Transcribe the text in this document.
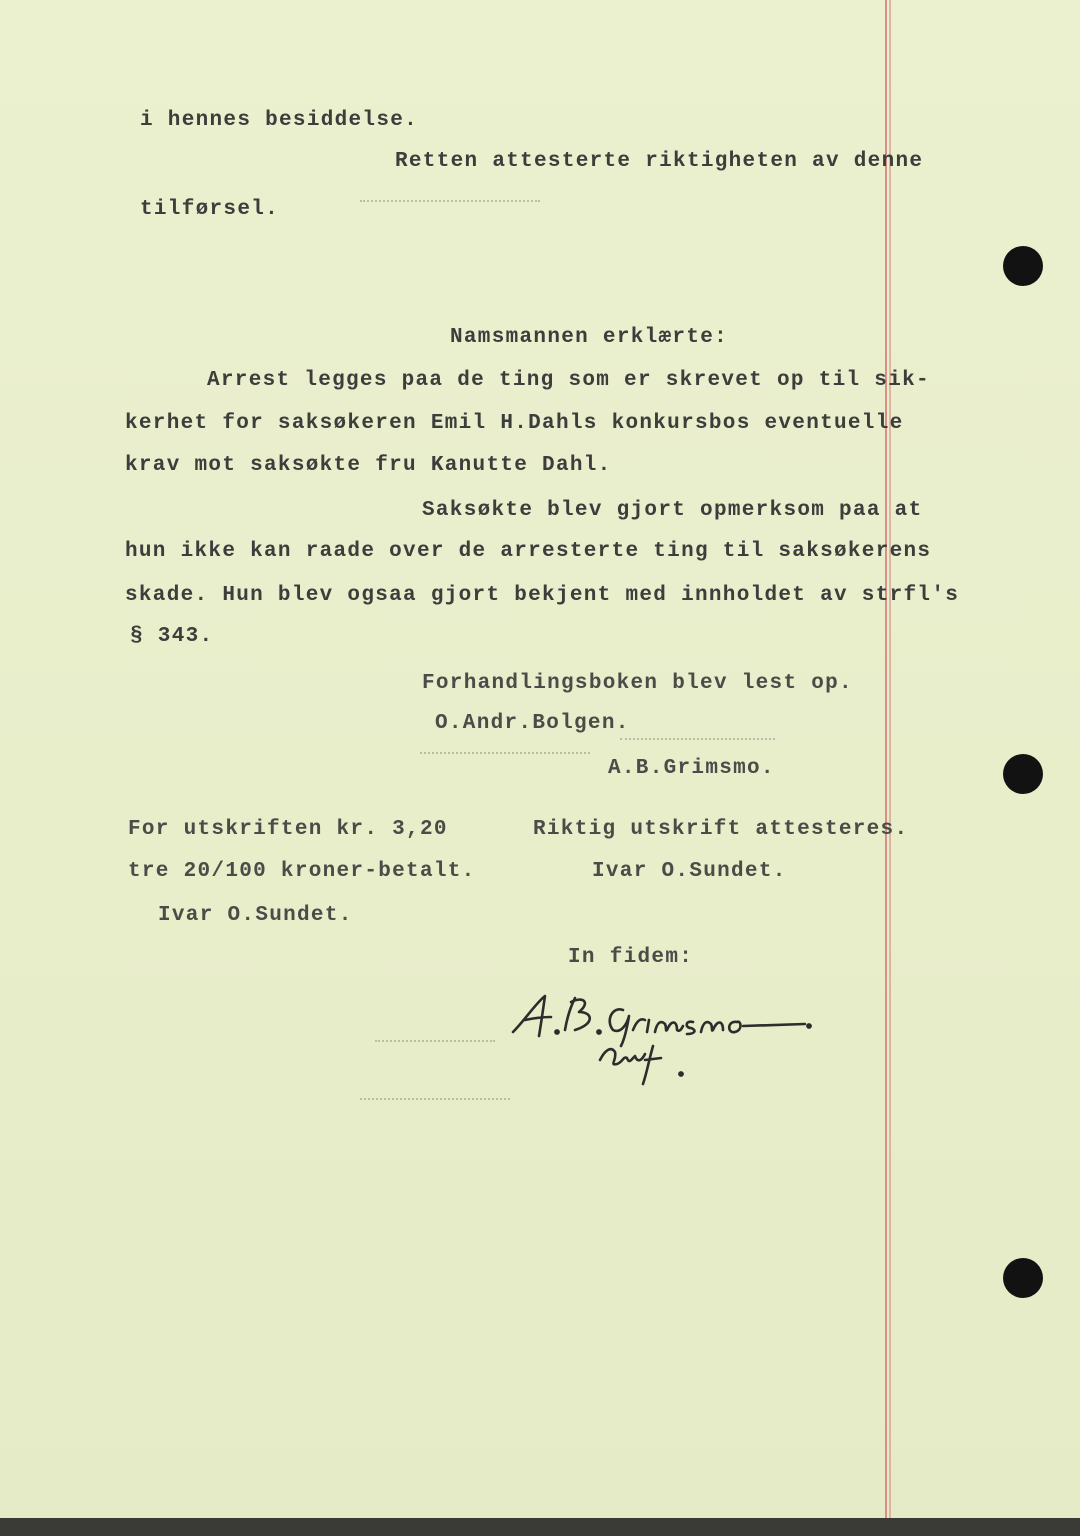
i hennes besiddelse.
Retten attesterte riktigheten av denne
tilførsel.
Namsmannen erklærte:
Arrest legges paa de ting som er skrevet op til sik-
kerhet for saksøkeren Emil H.Dahls konkursbos eventuelle
krav mot saksøkte fru Kanutte Dahl.
Saksøkte blev gjort opmerksom paa at
hun ikke kan raade over de arresterte ting til saksøkerens
skade. Hun blev ogsaa gjort bekjent med innholdet av strfl's
§ 343.
Forhandlingsboken blev lest op.
O.Andr.Bolgen.
A.B.Grimsmo.
For utskriften kr. 3,20
tre 20/100 kroner-betalt.
Ivar O.Sundet.
Riktig utskrift attesteres.
Ivar O.Sundet.
In fidem:
